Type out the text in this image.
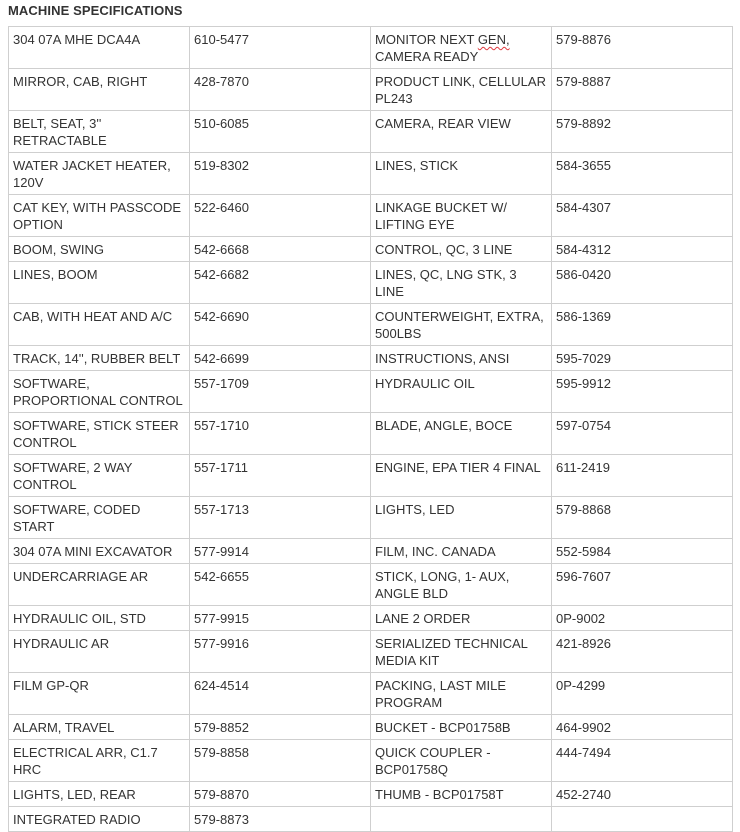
MACHINE SPECIFICATIONS
304 07A MHE DCA4A	610-5477	MONITOR NEXT GEN, CAMERA READY	579-8876
MIRROR, CAB, RIGHT	428-7870	PRODUCT LINK, CELLULAR PL243	579-8887
BELT, SEAT, 3'' RETRACTABLE	510-6085	CAMERA, REAR VIEW	579-8892
WATER JACKET HEATER, 120V	519-8302	LINES, STICK	584-3655
CAT KEY, WITH PASSCODE OPTION	522-6460	LINKAGE BUCKET W/ LIFTING EYE	584-4307
BOOM, SWING	542-6668	CONTROL, QC, 3 LINE	584-4312
LINES, BOOM	542-6682	LINES, QC, LNG STK, 3 LINE	586-0420
CAB, WITH HEAT AND A/C	542-6690	COUNTERWEIGHT, EXTRA, 500LBS	586-1369
TRACK, 14'', RUBBER BELT	542-6699	INSTRUCTIONS, ANSI	595-7029
SOFTWARE, PROPORTIONAL CONTROL	557-1709	HYDRAULIC OIL	595-9912
SOFTWARE, STICK STEER CONTROL	557-1710	BLADE, ANGLE, BOCE	597-0754
SOFTWARE, 2 WAY CONTROL	557-1711	ENGINE, EPA TIER 4 FINAL	611-2419
SOFTWARE, CODED START	557-1713	LIGHTS, LED	579-8868
304 07A MINI EXCAVATOR	577-9914	FILM, INC. CANADA	552-5984
UNDERCARRIAGE AR	542-6655	STICK, LONG, 1- AUX, ANGLE BLD	596-7607
HYDRAULIC OIL, STD	577-9915	LANE 2 ORDER	0P-9002
HYDRAULIC AR	577-9916	SERIALIZED TECHNICAL MEDIA KIT	421-8926
FILM GP-QR	624-4514	PACKING, LAST MILE PROGRAM	0P-4299
ALARM, TRAVEL	579-8852	BUCKET - BCP01758B	464-9902
ELECTRICAL ARR, C1.7 HRC	579-8858	QUICK COUPLER - BCP01758Q	444-7494
LIGHTS, LED, REAR	579-8870	THUMB - BCP01758T	452-2740
INTEGRATED RADIO	579-8873		
